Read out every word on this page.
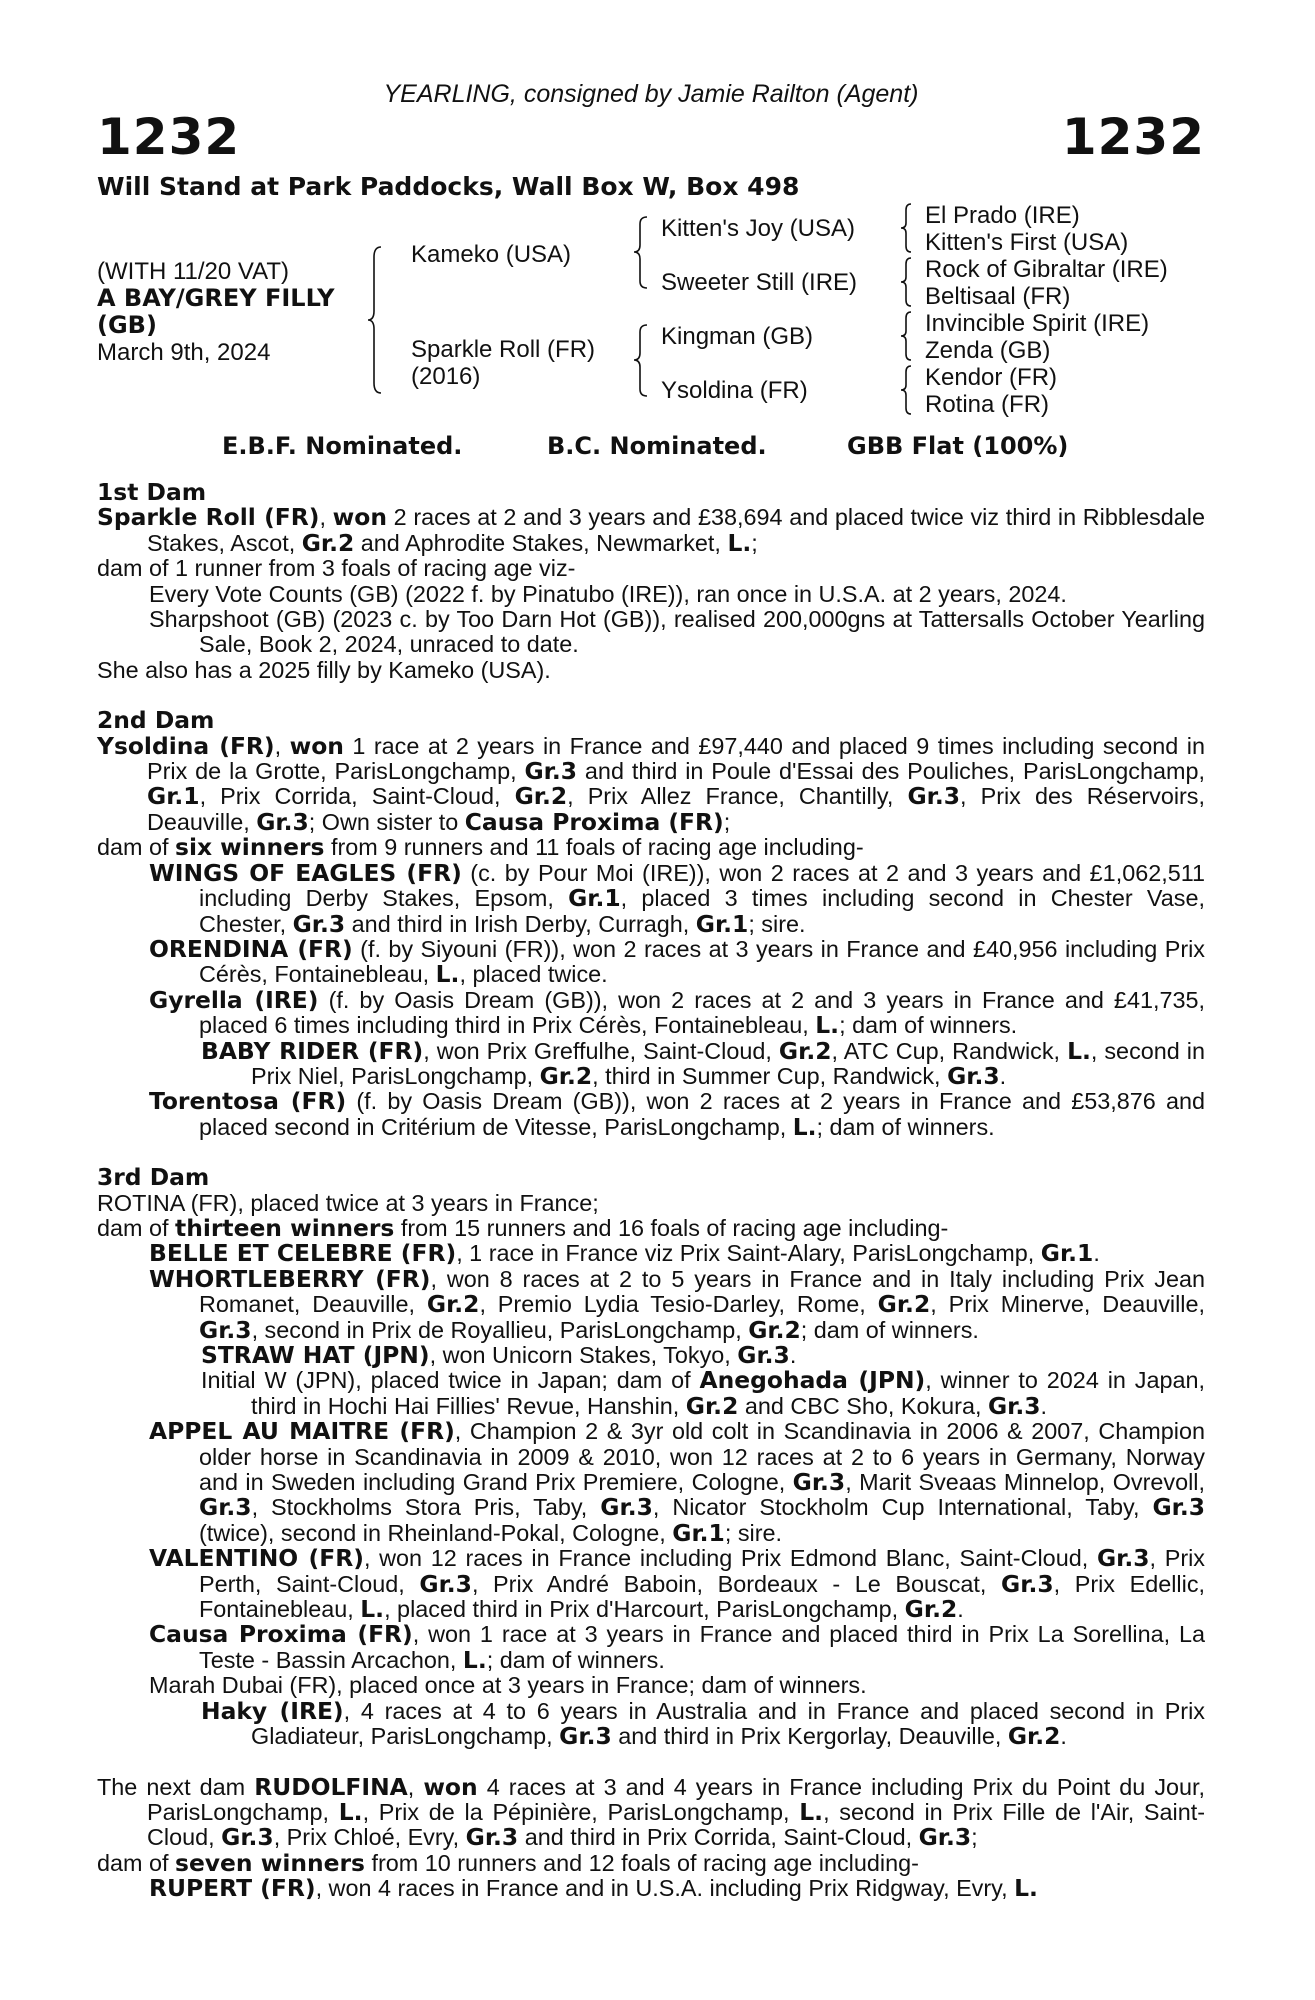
YEARLING, consigned by Jamie Railton (Agent)
1232	1232
Will Stand at Park Paddocks, Wall Box W, Box 498
(WITH 11/20 VAT)
A BAY/GREY FILLY
(GB)
March 9th, 2024
Kameko (USA)
Sparkle Roll (FR)
(2016)
Kitten's Joy (USA)
Sweeter Still (IRE)
Kingman (GB)
Ysoldina (FR)
El Prado (IRE)
Kitten's First (USA)
Rock of Gibraltar (IRE)
Beltisaal (FR)
Invincible Spirit (IRE)
Zenda (GB)
Kendor (FR)
Rotina (FR)
E.B.F. Nominated.	B.C. Nominated.	GBB Flat (100%)
1st Dam

Sparkle Roll (FR), won 2 races at 2 and 3 years and £38,694 and placed twice viz third in Ribblesdale Stakes, Ascot, Gr.2 and Aphrodite Stakes, Newmarket, L.;

dam of 1 runner from 3 foals of racing age viz-

Every Vote Counts (GB) (2022 f. by Pinatubo (IRE)), ran once in U.S.A. at 2 years, 2024.

Sharpshoot (GB) (2023 c. by Too Darn Hot (GB)), realised 200,000gns at Tattersalls October Yearling Sale, Book 2, 2024, unraced to date.

She also has a 2025 filly by Kameko (USA).

2nd Dam

Ysoldina (FR), won 1 race at 2 years in France and £97,440 and placed 9 times including second in Prix de la Grotte, ParisLongchamp, Gr.3 and third in Poule d'Essai des Pouliches, ParisLongchamp, Gr.1, Prix Corrida, Saint-Cloud, Gr.2, Prix Allez France, Chantilly, Gr.3, Prix des Réservoirs, Deauville, Gr.3; Own sister to Causa Proxima (FR);

dam of six winners from 9 runners and 11 foals of racing age including-

WINGS OF EAGLES (FR) (c. by Pour Moi (IRE)), won 2 races at 2 and 3 years and £1,062,511 including Derby Stakes, Epsom, Gr.1, placed 3 times including second in Chester Vase, Chester, Gr.3 and third in Irish Derby, Curragh, Gr.1; sire.

ORENDINA (FR) (f. by Siyouni (FR)), won 2 races at 3 years in France and £40,956 including Prix Cérès, Fontainebleau, L., placed twice.

Gyrella (IRE) (f. by Oasis Dream (GB)), won 2 races at 2 and 3 years in France and £41,735, placed 6 times including third in Prix Cérès, Fontainebleau, L.; dam of winners.

BABY RIDER (FR), won Prix Greffulhe, Saint-Cloud, Gr.2, ATC Cup, Randwick, L., second in Prix Niel, ParisLongchamp, Gr.2, third in Summer Cup, Randwick, Gr.3.

Torentosa (FR) (f. by Oasis Dream (GB)), won 2 races at 2 years in France and £53,876 and placed second in Critérium de Vitesse, ParisLongchamp, L.; dam of winners.

3rd Dam

ROTINA (FR), placed twice at 3 years in France;

dam of thirteen winners from 15 runners and 16 foals of racing age including-

BELLE ET CELEBRE (FR), 1 race in France viz Prix Saint-Alary, ParisLongchamp, Gr.1.

WHORTLEBERRY (FR), won 8 races at 2 to 5 years in France and in Italy including Prix Jean Romanet, Deauville, Gr.2, Premio Lydia Tesio-Darley, Rome, Gr.2, Prix Minerve, Deauville, Gr.3, second in Prix de Royallieu, ParisLongchamp, Gr.2; dam of winners.

STRAW HAT (JPN), won Unicorn Stakes, Tokyo, Gr.3.

Initial W (JPN), placed twice in Japan; dam of Anegohada (JPN), winner to 2024 in Japan, third in Hochi Hai Fillies' Revue, Hanshin, Gr.2 and CBC Sho, Kokura, Gr.3.

APPEL AU MAITRE (FR), Champion 2 & 3yr old colt in Scandinavia in 2006 & 2007, Champion older horse in Scandinavia in 2009 & 2010, won 12 races at 2 to 6 years in Germany, Norway and in Sweden including Grand Prix Premiere, Cologne, Gr.3, Marit Sveaas Minnelop, Ovrevoll, Gr.3, Stockholms Stora Pris, Taby, Gr.3, Nicator Stockholm Cup International, Taby, Gr.3 (twice), second in Rheinland-Pokal, Cologne, Gr.1; sire.

VALENTINO (FR), won 12 races in France including Prix Edmond Blanc, Saint-Cloud, Gr.3, Prix Perth, Saint-Cloud, Gr.3, Prix André Baboin, Bordeaux - Le Bouscat, Gr.3, Prix Edellic, Fontainebleau, L., placed third in Prix d'Harcourt, ParisLongchamp, Gr.2.

Causa Proxima (FR), won 1 race at 3 years in France and placed third in Prix La Sorellina, La Teste - Bassin Arcachon, L.; dam of winners.

Marah Dubai (FR), placed once at 3 years in France; dam of winners.

Haky (IRE), 4 races at 4 to 6 years in Australia and in France and placed second in Prix Gladiateur, ParisLongchamp, Gr.3 and third in Prix Kergorlay, Deauville, Gr.2.

The next dam RUDOLFINA, won 4 races at 3 and 4 years in France including Prix du Point du Jour, ParisLongchamp, L., Prix de la Pépinière, ParisLongchamp, L., second in Prix Fille de l'Air, Saint-Cloud, Gr.3, Prix Chloé, Evry, Gr.3 and third in Prix Corrida, Saint-Cloud, Gr.3;

dam of seven winners from 10 runners and 12 foals of racing age including-

RUPERT (FR), won 4 races in France and in U.S.A. including Prix Ridgway, Evry, L.
